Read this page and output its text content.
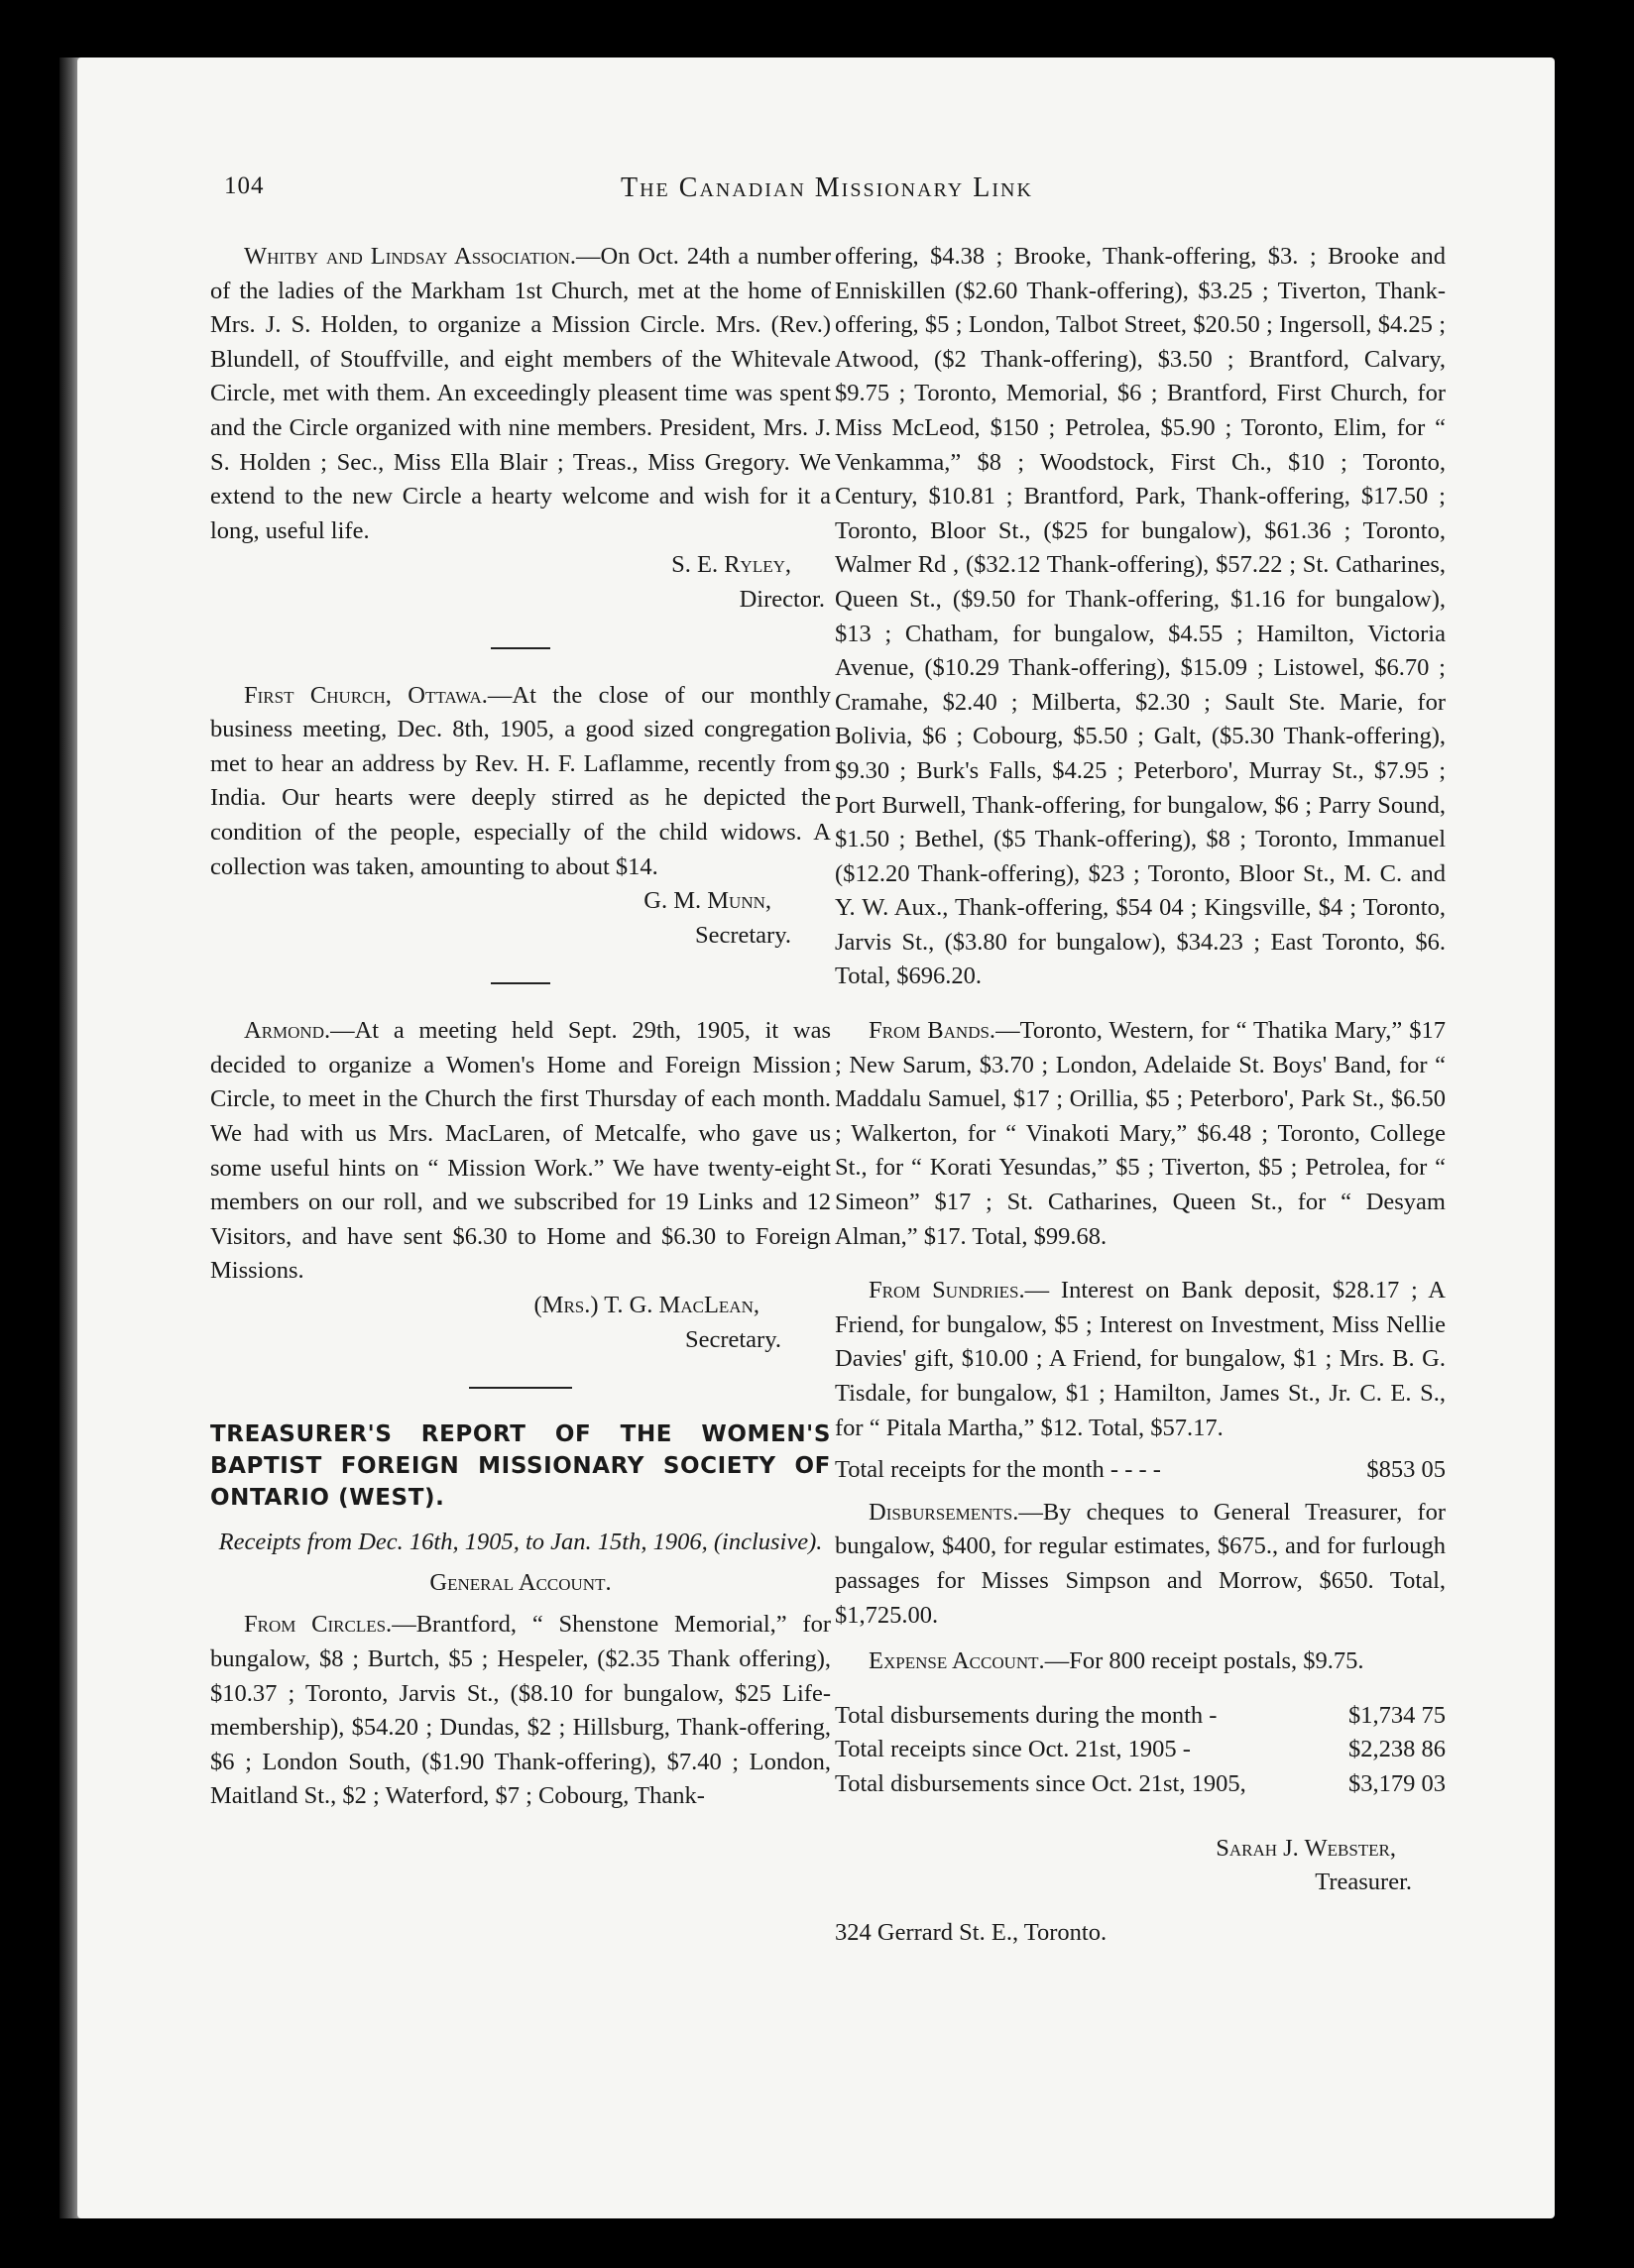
104	The Canadian Missionary Link

Whitby and Lindsay Association.—On Oct. 24th a number of the ladies of the Markham 1st Church, met at the home of Mrs. J. S. Holden, to organize a Mission Circle. Mrs. (Rev.) Blundell, of Stouffville, and eight members of the Whitevale Circle, met with them. An exceedingly pleasent time was spent and the Circle organized with nine members. President, Mrs. J. S. Holden ; Sec., Miss Ella Blair ; Treas., Miss Gregory. We extend to the new Circle a hearty welcome and wish for it a long, useful life.

S. E. Ryley,
Director.

First Church, Ottawa.—At the close of our monthly business meeting, Dec. 8th, 1905, a good sized congregation met to hear an address by Rev. H. F. Laflamme, recently from India. Our hearts were deeply stirred as he depicted the condition of the people, especially of the child widows. A collection was taken, amounting to about $14.

G. M. Munn,
Secretary.

Armond.—At a meeting held Sept. 29th, 1905, it was decided to organize a Women's Home and Foreign Mission Circle, to meet in the Church the first Thursday of each month. We had with us Mrs. MacLaren, of Metcalfe, who gave us some useful hints on “ Mission Work.” We have twenty-eight members on our roll, and we subscribed for 19 Links and 12 Visitors, and have sent $6.30 to Home and $6.30 to Foreign Missions.

(Mrs.) T. G. MacLean,
Secretary.
TREASURER'S REPORT OF THE WOMEN'S BAPTIST FOREIGN MISSIONARY SOCIETY OF ONTARIO (WEST).
Receipts from Dec. 16th, 1905, to Jan. 15th, 1906, (inclusive).
General Account.

From Circles.—Brantford, “ Shenstone Memorial,” for bungalow, $8 ; Burtch, $5 ; Hespeler, ($2.35 Thank offering), $10.37 ; Toronto, Jarvis St., ($8.10 for bungalow, $25 Life-membership), $54.20 ; Dundas, $2 ; Hillsburg, Thank-offering, $6 ; London South, ($1.90 Thank-offering), $7.40 ; London, Maitland St., $2 ; Waterford, $7 ; Cobourg, Thank-

offering, $4.38 ; Brooke, Thank-offering, $3. ; Brooke and Enniskillen ($2.60 Thank-offering), $3.25 ; Tiverton, Thank-offering, $5 ; London, Talbot Street, $20.50 ; Ingersoll, $4.25 ; Atwood, ($2 Thank-offering), $3.50 ; Brantford, Calvary, $9.75 ; Toronto, Memorial, $6 ; Brantford, First Church, for Miss McLeod, $150 ; Petrolea, $5.90 ; Toronto, Elim, for “ Venkamma,” $8 ; Woodstock, First Ch., $10 ; Toronto, Century, $10.81 ; Brantford, Park, Thank-offering, $17.50 ; Toronto, Bloor St., ($25 for bungalow), $61.36 ; Toronto, Walmer Rd , ($32.12 Thank-offering), $57.22 ; St. Catharines, Queen St., ($9.50 for Thank-offering, $1.16 for bungalow), $13 ; Chatham, for bungalow, $4.55 ; Hamilton, Victoria Avenue, ($10.29 Thank-offering), $15.09 ; Listowel, $6.70 ; Cramahe, $2.40 ; Milberta, $2.30 ; Sault Ste. Marie, for Bolivia, $6 ; Cobourg, $5.50 ; Galt, ($5.30 Thank-offering), $9.30 ; Burk's Falls, $4.25 ; Peterboro', Murray St., $7.95 ; Port Burwell, Thank-offering, for bungalow, $6 ; Parry Sound, $1.50 ; Bethel, ($5 Thank-offering), $8 ; Toronto, Immanuel ($12.20 Thank-offering), $23 ; Toronto, Bloor St., M. C. and Y. W. Aux., Thank-offering, $54 04 ; Kingsville, $4 ; Toronto, Jarvis St., ($3.80 for bungalow), $34.23 ; East Toronto, $6. Total, $696.20.

From Bands.—Toronto, Western, for “ Thatika Mary,” $17 ; New Sarum, $3.70 ; London, Adelaide St. Boys' Band, for “ Maddalu Samuel, $17 ; Orillia, $5 ; Peterboro', Park St., $6.50 ; Walkerton, for “ Vinakoti Mary,” $6.48 ; Toronto, College St., for “ Korati Yesundas,” $5 ; Tiverton, $5 ; Petrolea, for “ Simeon” $17 ; St. Catharines, Queen St., for “ Desyam Alman,” $17. Total, $99.68.

From Sundries.— Interest on Bank deposit, $28.17 ; A Friend, for bungalow, $5 ; Interest on Investment, Miss Nellie Davies' gift, $10.00 ; A Friend, for bungalow, $1 ; Mrs. B. G. Tisdale, for bungalow, $1 ; Hamilton, James St., Jr. C. E. S., for “ Pitala Martha,” $12. Total, $57.17.

Total receipts for the month - - - -	$853 05

Disbursements.—By cheques to General Treasurer, for bungalow, $400, for regular estimates, $675., and for furlough passages for Misses Simpson and Morrow, $650. Total, $1,725.00.

Expense Account.—For 800 receipt postals, $9.75.

Total disbursements during the month -	$1,734 75
Total receipts since Oct. 21st, 1905 -	$2,238 86
Total disbursements since Oct. 21st, 1905,	$3,179 03
Sarah J. Webster,
Treasurer.

324 Gerrard St. E., Toronto.
